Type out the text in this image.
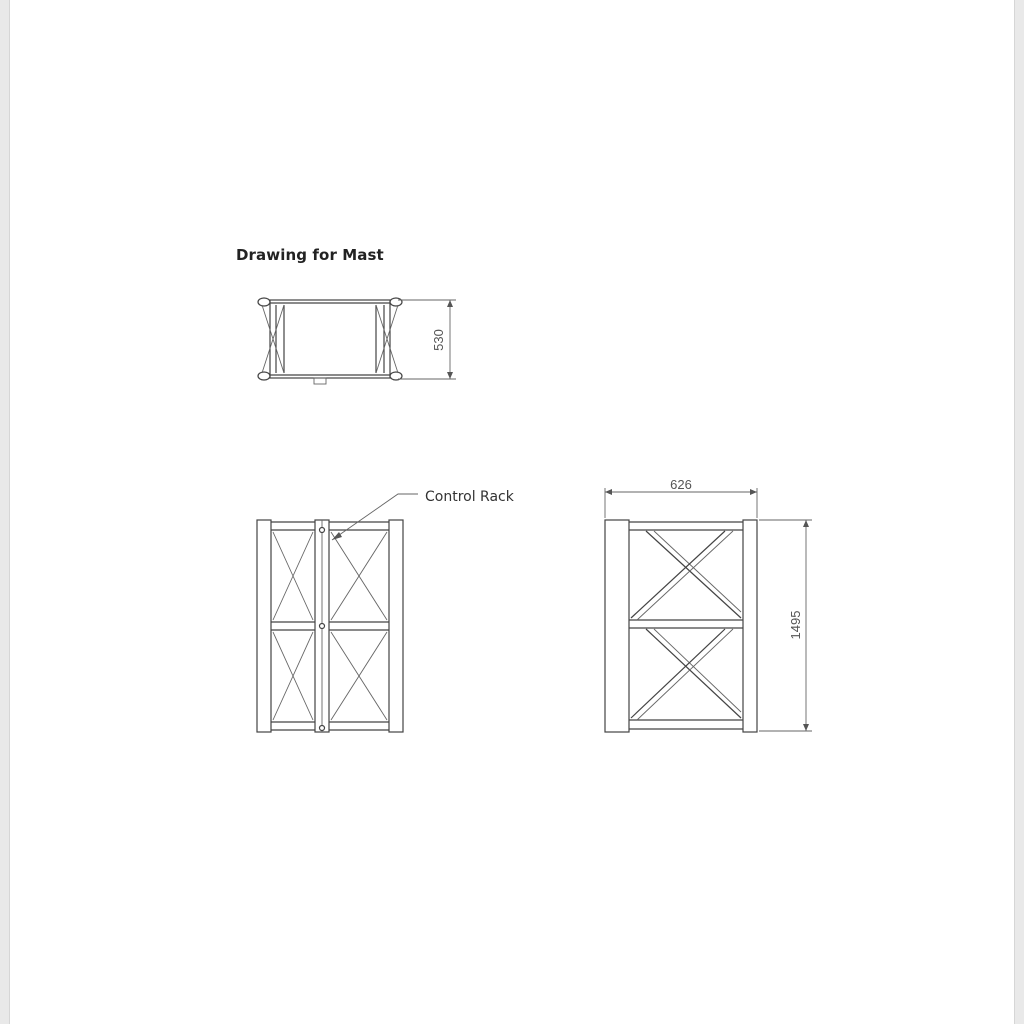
Drawing for Mast
Control Rack
530
626
1495
